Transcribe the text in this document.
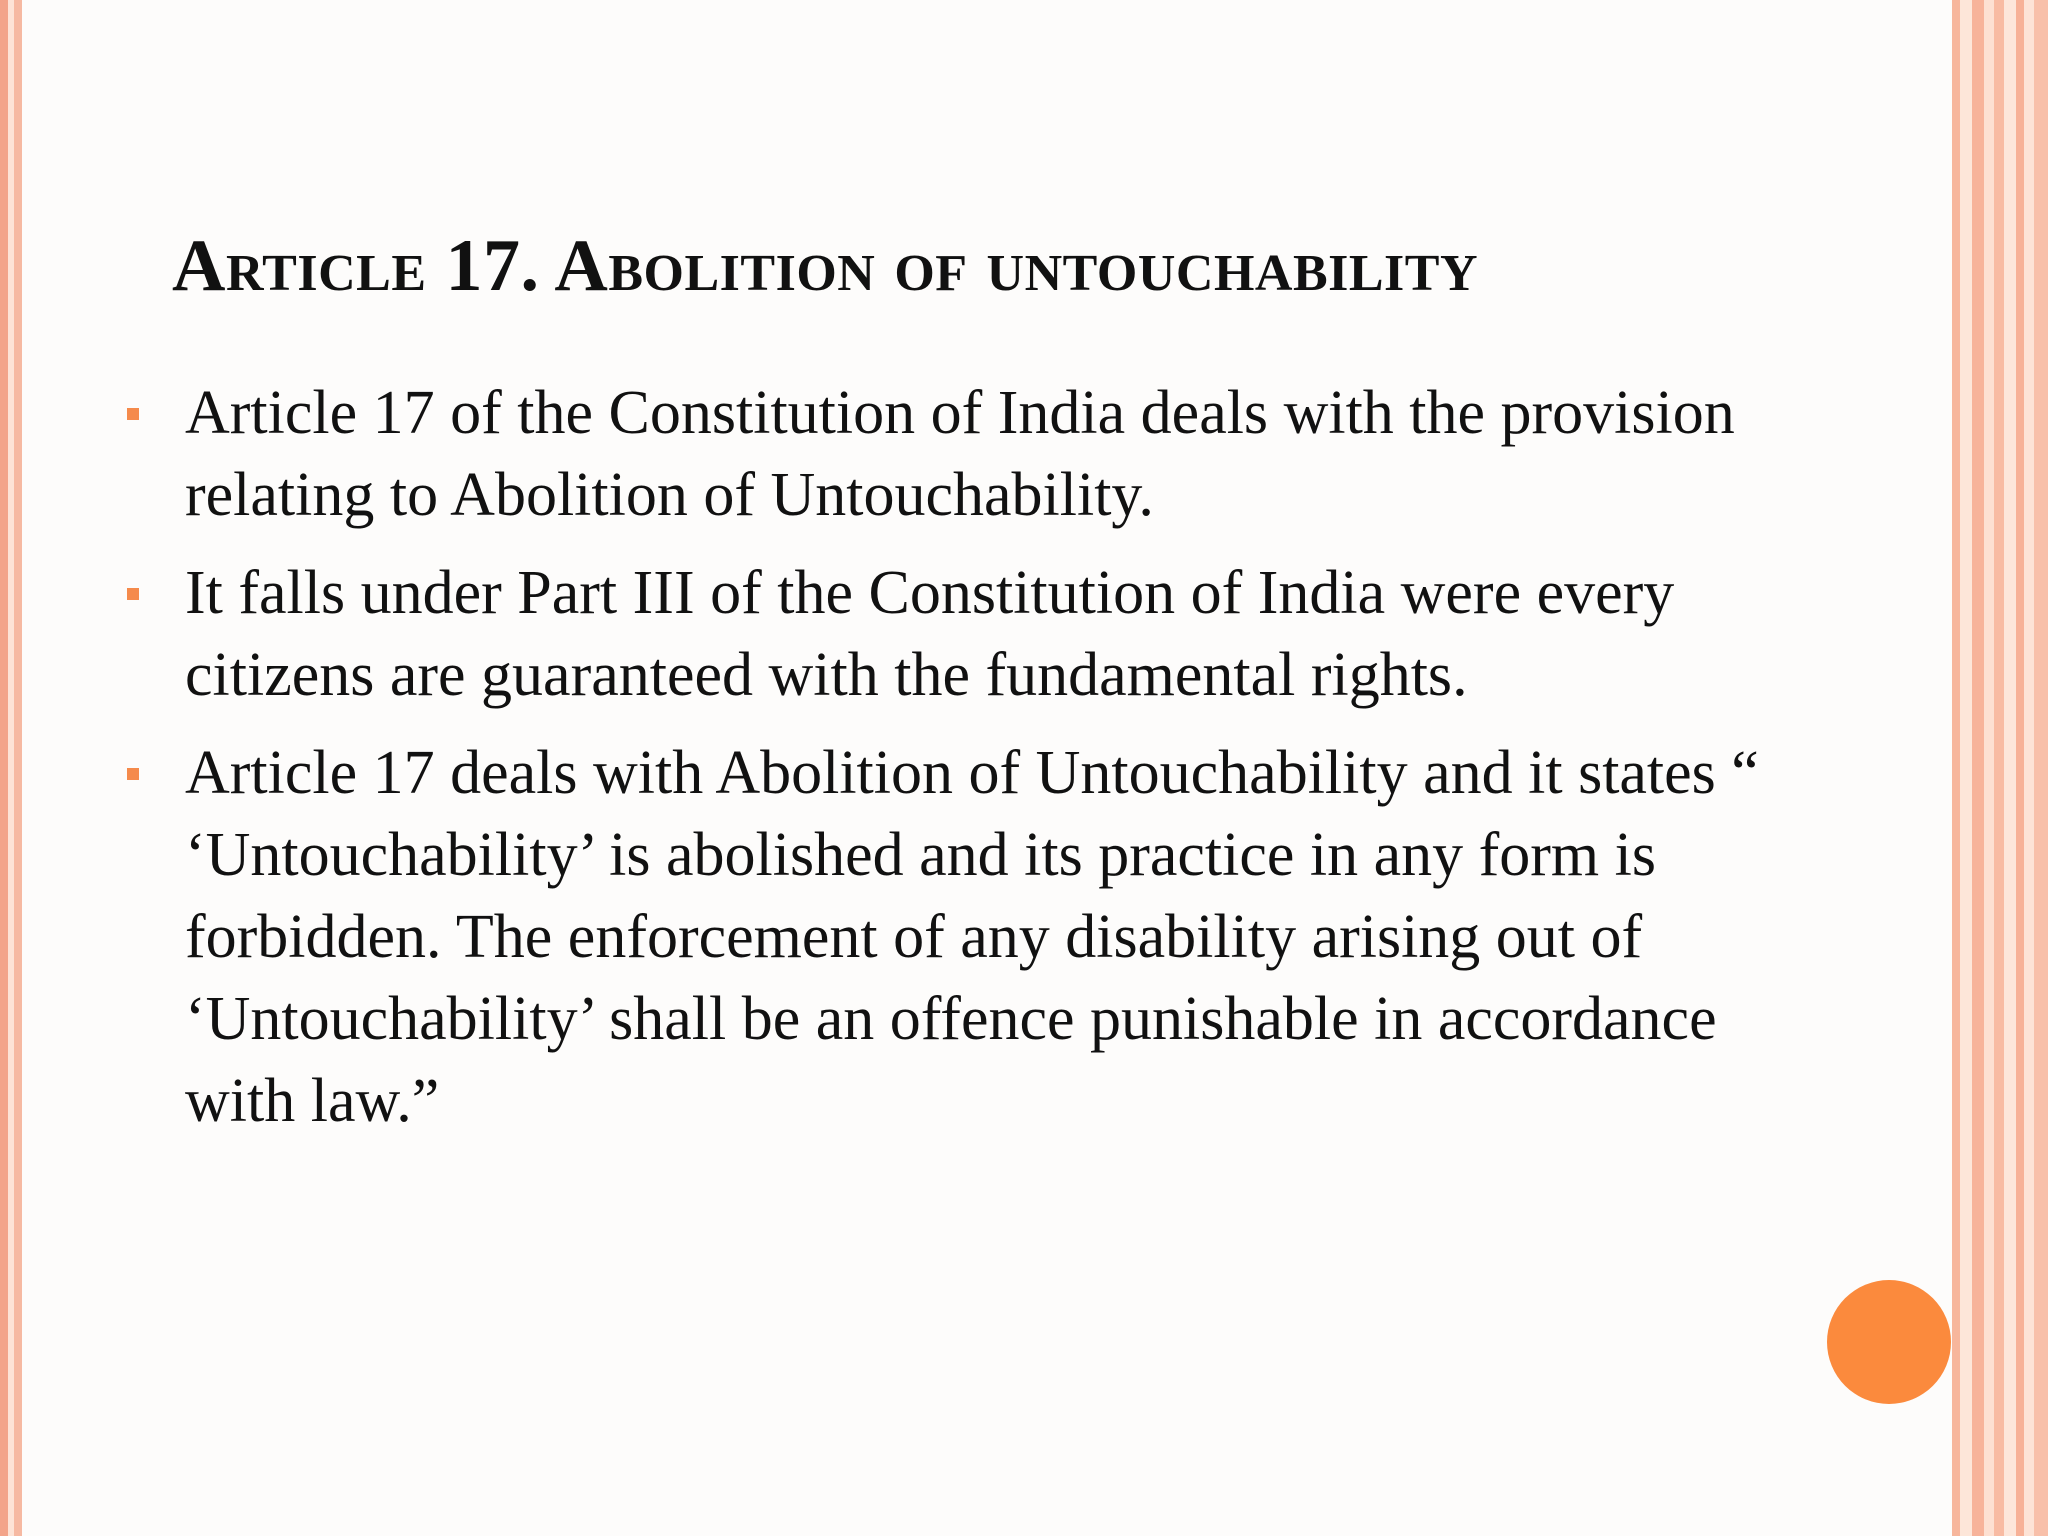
Article 17. Abolition of untouchability
Article 17 of the Constitution of India deals with the provision relating to Abolition of Untouchability.
It falls under Part III of the Constitution of India were every citizens are guaranteed with the fundamental rights.
Article 17 deals with Abolition of Untouchability and it states “ ‘Untouchability’ is abolished and its practice in any form is forbidden. The enforcement of any disability arising out of ‘Untouchability’ shall be an offence punishable in accordance with law.”
